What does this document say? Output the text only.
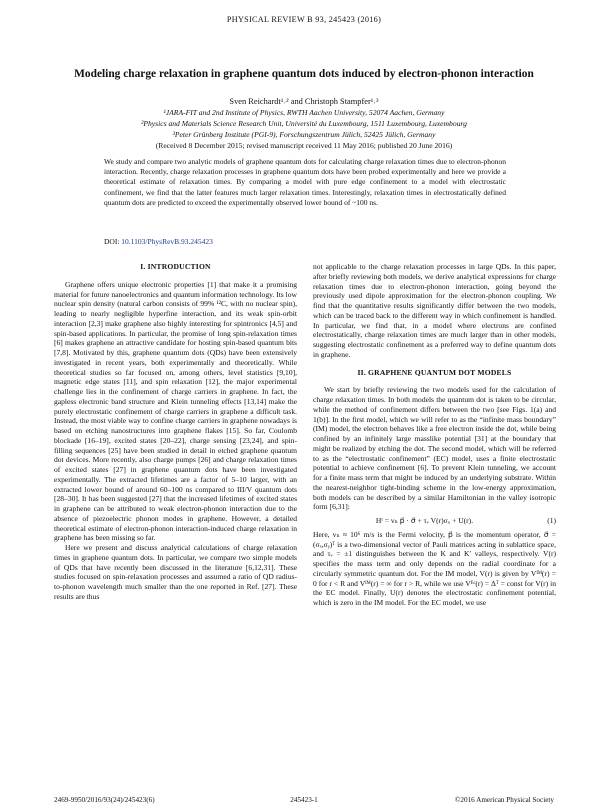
PHYSICAL REVIEW B 93, 245423 (2016)
Modeling charge relaxation in graphene quantum dots induced by electron-phonon interaction
Sven Reichardt¹˒² and Christoph Stampfer¹˒³
¹JARA-FIT and 2nd Institute of Physics, RWTH Aachen University, 52074 Aachen, Germany
²Physics and Materials Science Research Unit, Université du Luxembourg, 1511 Luxembourg, Luxembourg
³Peter Grünberg Institute (PGI-9), Forschungszentrum Jülich, 52425 Jülich, Germany
(Received 8 December 2015; revised manuscript received 11 May 2016; published 20 June 2016)
We study and compare two analytic models of graphene quantum dots for calculating charge relaxation times due to electron-phonon interaction. Recently, charge relaxation processes in graphene quantum dots have been probed experimentally and here we provide a theoretical estimate of relaxation times. By comparing a model with pure edge confinement to a model with electrostatic confinement, we find that the latter features much larger relaxation times. Interestingly, relaxation times in electrostatically defined quantum dots are predicted to exceed the experimentally observed lower bound of ~100 ns.
DOI: 10.1103/PhysRevB.93.245423
I. INTRODUCTION

Graphene offers unique electronic properties [1] that make it a promising material for future nanoelectronics and quantum information technology. Its low nuclear spin density (natural carbon consists of 99% ¹²C, with no nuclear spin), leading to nearly negligible hyperfine interaction, and its weak spin-orbit interaction [2,3] make graphene also highly interesting for spintronics [4,5] and spin-based applications. In particular, the promise of long spin-relaxation times [6] makes graphene an attractive candidate for hosting spin-based quantum bits [7,8]. Motivated by this, graphene quantum dots (QDs) have been extensively investigated in recent years, both experimentally and theoretically. While theoretical studies so far focused on, among others, level statistics [9,10], magnetic edge states [11], and spin relaxation [12], the major experimental challenge lies in the confinement of charge carriers in graphene. In fact, the gapless electronic band structure and Klein tunneling effects [13,14] make the purely electrostatic confinement of charge carriers in graphene a difficult task. Instead, the most viable way to confine charge carriers in graphene nowadays is based on etching nanostructures into graphene flakes [15]. So far, Coulomb blockade [16–19], excited states [20–22], charge sensing [23,24], and spin-filling sequences [25] have been studied in detail in etched graphene quantum dot devices. More recently, also charge pumps [26] and charge relaxation times of excited states [27] in graphene quantum dots have been investigated experimentally. The extracted lifetimes are a factor of 5–10 larger, with an extracted lower bound of around 60–100 ns compared to III/V quantum dots [28–30]. It has been suggested [27] that the increased lifetimes of excited states in graphene can be attributed to weak electron-phonon interaction due to the absence of piezoelectric phonon modes in graphene. However, a detailed theoretical estimate of electron-phonon interaction-induced charge relaxation in graphene has been missing so far.

Here we present and discuss analytical calculations of charge relaxation times in graphene quantum dots. In particular, we compare two simple models of QDs that have recently been discussed in the literature [6,12,31]. These studies focused on spin-relaxation processes and assumed a ratio of QD radius-to-phonon wavelength much smaller than the one reported in Ref. [27]. These results are thus

not applicable to the charge relaxation processes in large QDs. In this paper, after briefly reviewing both models, we derive analytical expressions for charge relaxation times due to electron-phonon interaction, going beyond the previously used dipole approximation for the electron-phonon coupling. We find that the quantitative results significantly differ between the two models, which can be traced back to the different way in which confinement is handled. In particular, we find that, in a model where electrons are confined electrostatically, charge relaxation times are much larger than in other models, suggesting electrostatic confinement as a preferred way to define quantum dots in graphene.

II. GRAPHENE QUANTUM DOT MODELS

We start by briefly reviewing the two models used for the calculation of charge relaxation times. In both models the quantum dot is taken to be circular, while the method of confinement differs between the two [see Figs. 1(a) and 1(b)]. In the first model, which we will refer to as the “infinite mass boundary” (IM) model, the electron behaves like a free electron inside the dot, while being confined by an infinitely large masslike potential [31] at the boundary that might be realized by etching the dot. The second model, which will be referred to as the “electrostatic confinement” (EC) model, uses a finite electrostatic potential to achieve confinement [6]. To prevent Klein tunneling, we account for a finite mass term that might be induced by an underlying substrate. Within the nearest-neighbor tight-binding scheme in the low-energy approximation, both models can be described by a similar Hamiltonian in the valley isotropic form [6,31]:

Hᵗ = vₙ p⃗ · σ⃗ + τᵥ V(r)σᵤ + U(r).	(1)

Here, vₙ ≈ 10⁶ m/s is the Fermi velocity, p⃗ is the momentum operator, σ⃗ = (σₓ,σᵧ)ᵀ is a two-dimensional vector of Pauli matrices acting in sublattice space, and τᵥ = ±1 distinguishes between the K and K′ valleys, respectively. V(r) specifies the mass term and only depends on the radial coordinate for a circularly symmetric quantum dot. For the IM model, V(r) is given by Vᴵᴹ(r) = 0 for r < R and Vᴵᴹ(r) = ∞ for r > R, while we use Vᴱᶜ(r) = Δᵀ = const for V(r) in the EC model. Finally, U(r) denotes the electrostatic confinement potential, which is zero in the IM model. For the EC model, we use

2469-9950/2016/93(24)/245423(6)	245423-1	©2016 American Physical Society
